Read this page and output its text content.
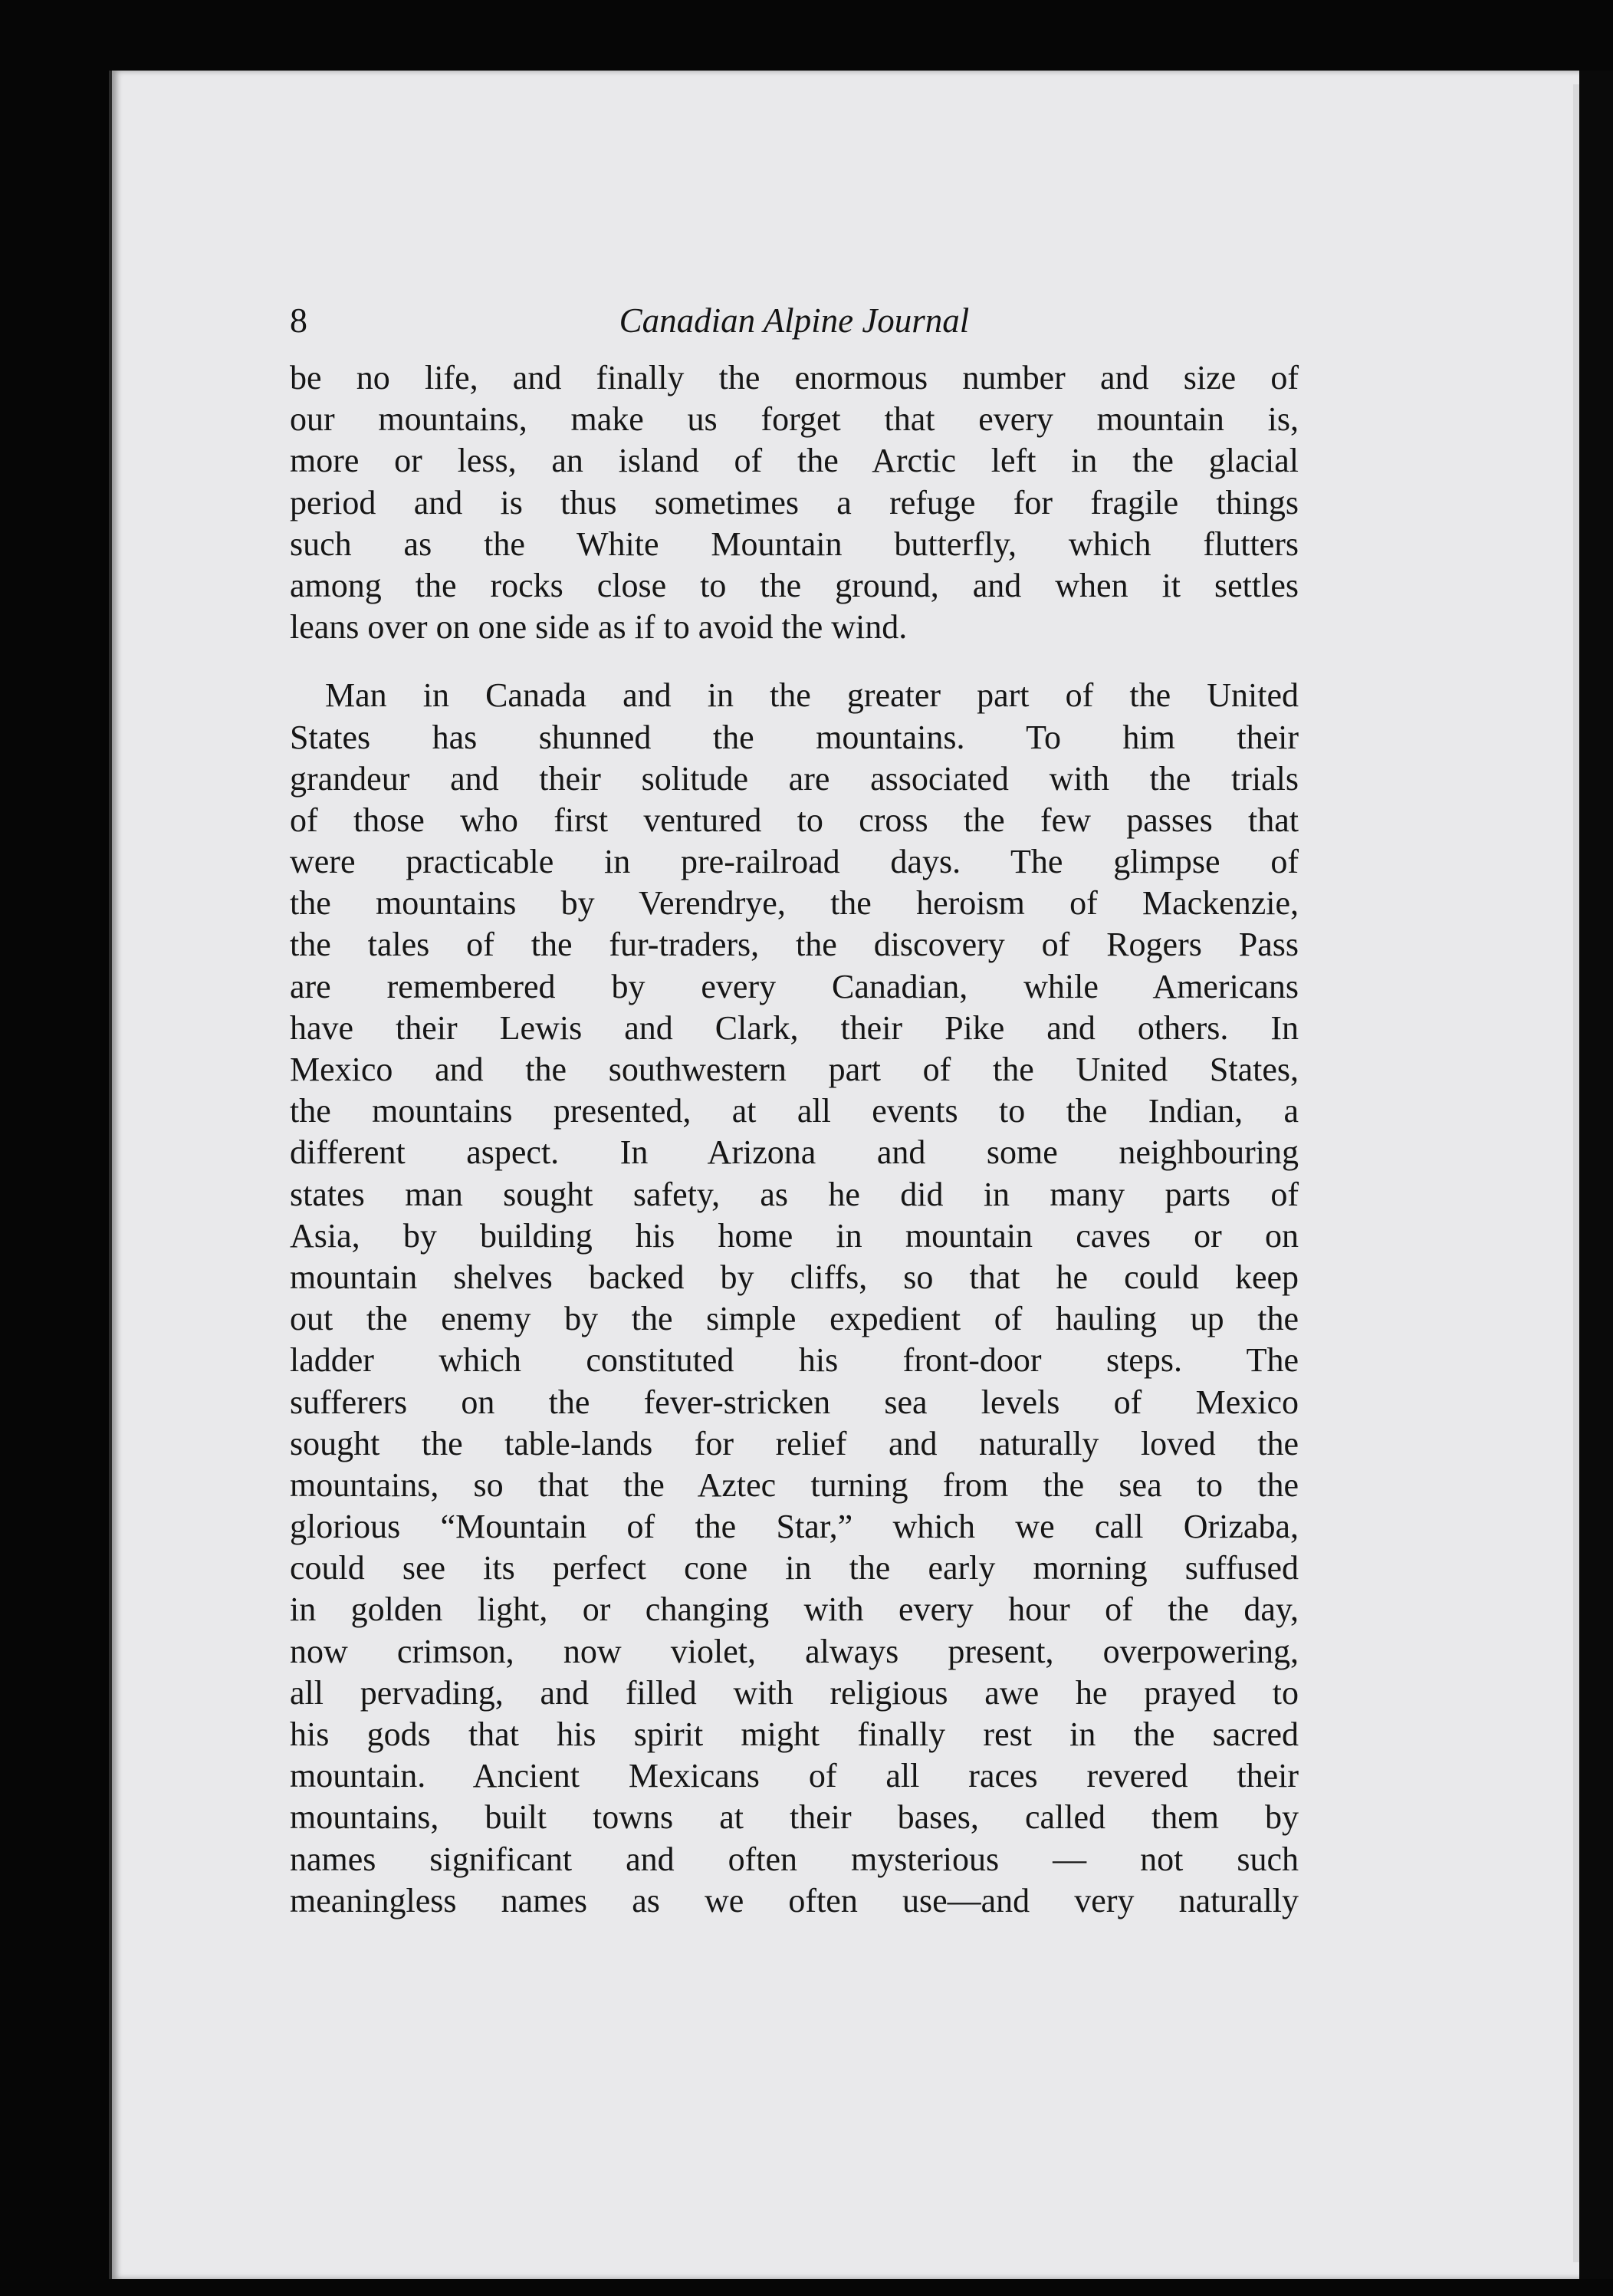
8	Canadian Alpine Journal
be no life, and finally the enormous number and size of
our mountains, make us forget that every mountain is,
more or less, an island of the Arctic left in the glacial
period and is thus sometimes a refuge for fragile things
such as the White Mountain butterfly, which flutters
among the rocks close to the ground, and when it settles
leans over on one side as if to avoid the wind.
Man in Canada and in the greater part of the United
States has shunned the mountains. To him their
grandeur and their solitude are associated with the trials
of those who first ventured to cross the few passes that
were practicable in pre-railroad days. The glimpse of
the mountains by Verendrye, the heroism of Mackenzie,
the tales of the fur-traders, the discovery of Rogers Pass
are remembered by every Canadian, while Americans
have their Lewis and Clark, their Pike and others. In
Mexico and the southwestern part of the United States,
the mountains presented, at all events to the Indian, a
different aspect. In Arizona and some neighbouring
states man sought safety, as he did in many parts of
Asia, by building his home in mountain caves or on
mountain shelves backed by cliffs, so that he could keep
out the enemy by the simple expedient of hauling up the
ladder which constituted his front-door steps. The
sufferers on the fever-stricken sea levels of Mexico
sought the table-lands for relief and naturally loved the
mountains, so that the Aztec turning from the sea to the
glorious “Mountain of the Star,” which we call Orizaba,
could see its perfect cone in the early morning suffused
in golden light, or changing with every hour of the day,
now crimson, now violet, always present, overpowering,
all pervading, and filled with religious awe he prayed to
his gods that his spirit might finally rest in the sacred
mountain. Ancient Mexicans of all races revered their
mountains, built towns at their bases, called them by
names significant and often mysterious — not such
meaningless names as we often use—and very naturally
